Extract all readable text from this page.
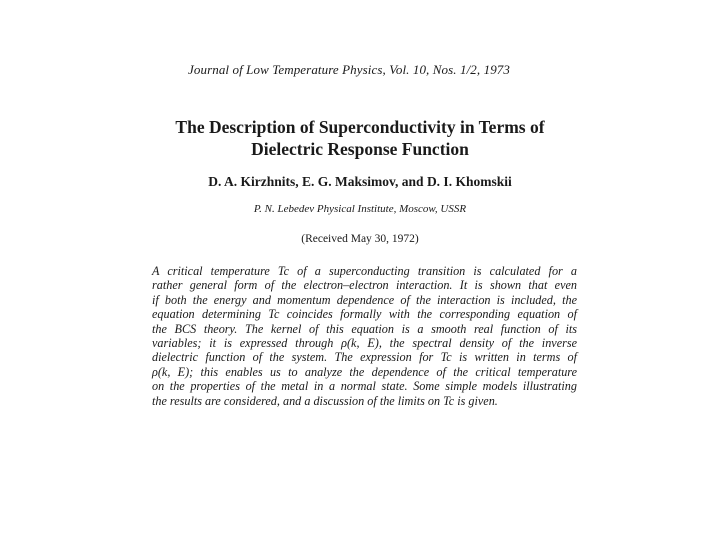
Journal of Low Temperature Physics, Vol. 10, Nos. 1/2, 1973
The Description of Superconductivity in Terms of
Dielectric Response Function
D. A. Kirzhnits, E. G. Maksimov, and D. I. Khomskii
P. N. Lebedev Physical Institute, Moscow, USSR
(Received May 30, 1972)
A critical temperature Tc of a superconducting transition is calculated for a
rather general form of the electron–electron interaction. It is shown that even
if both the energy and momentum dependence of the interaction is included, the
equation determining Tc coincides formally with the corresponding equation of
the BCS theory. The kernel of this equation is a smooth real function of its
variables; it is expressed through ρ(k, E), the spectral density of the inverse
dielectric function of the system. The expression for Tc is written in terms of
ρ(k, E); this enables us to analyze the dependence of the critical temperature
on the properties of the metal in a normal state. Some simple models illustrating
the results are considered, and a discussion of the limits on Tc is given.
